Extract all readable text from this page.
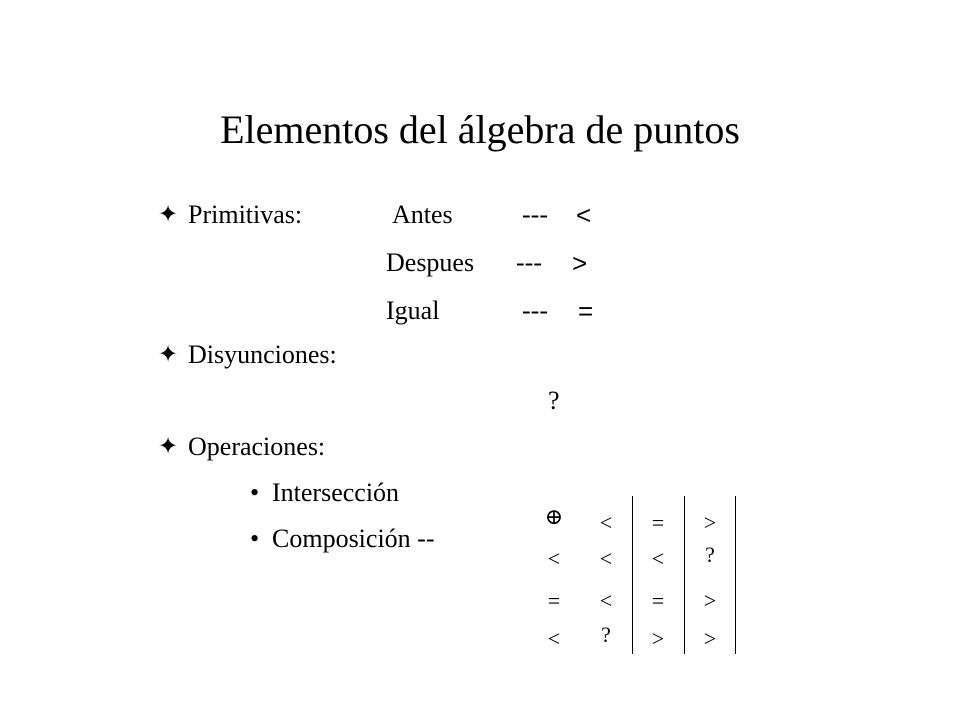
Elementos del álgebra de puntos
✦ Primitivas:	Antes	--- <
Despues --- >
Igual	--- =
✦ Disyunciones:
?
✦ Operaciones:
• Intersección
• Composición --
⊕	<	=	>
<	<	<	?
=	<	=	>
<	?	>	>
